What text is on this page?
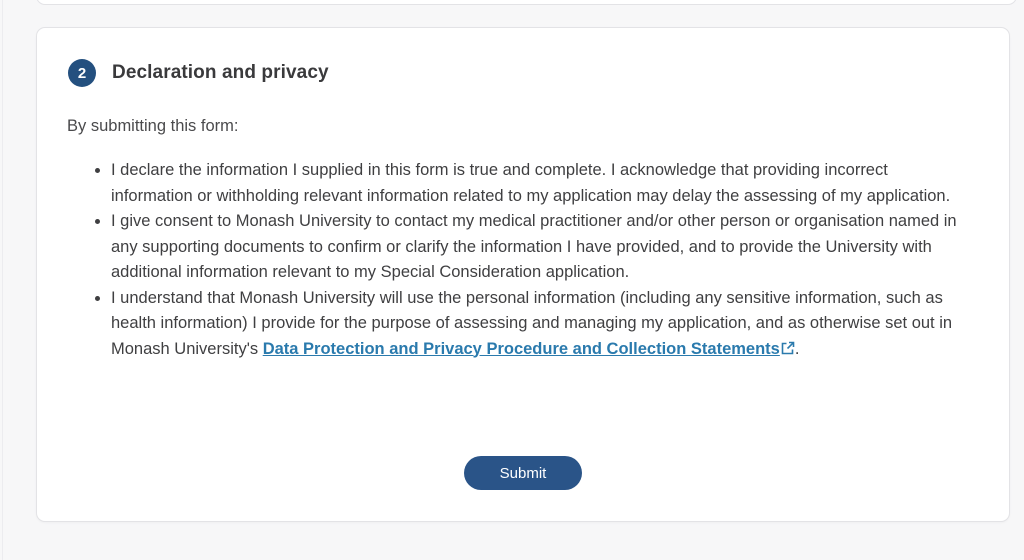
2	Declaration and privacy
By submitting this form:
• I declare the information I supplied in this form is true and complete. I acknowledge that providing incorrect information or withholding relevant information related to my application may delay the assessing of my application.
• I give consent to Monash University to contact my medical practitioner and/or other person or organisation named in any supporting documents to confirm or clarify the information I have provided, and to provide the University with additional information relevant to my Special Consideration application.
• I understand that Monash University will use the personal information (including any sensitive information, such as health information) I provide for the purpose of assessing and managing my application, and as otherwise set out in Monash University's Data Protection and Privacy Procedure and Collection Statements .
Submit
